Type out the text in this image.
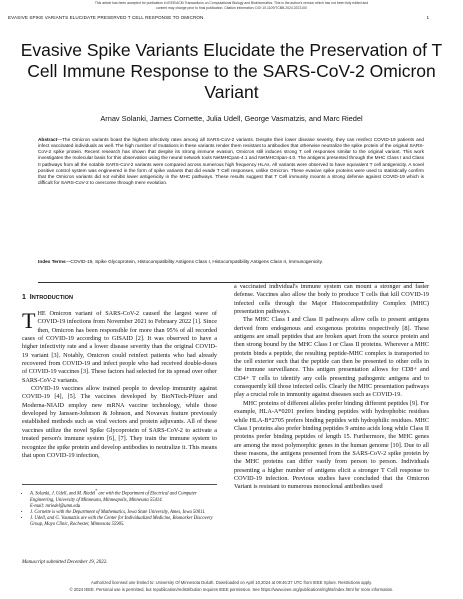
This article has been accepted for publication in IEEE/ACM Transactions on Computational Biology and Bioinformatics. This is the author's version which has not been fully edited and
content may change prior to final publication. Citation information: DOI 10.1109/TCBB.2024.3372100
EVASIVE SPIKE VARIANTS ELUCIDATE PRESERVED T CELL RESPONSE TO OMICRON	1
Evasive Spike Variants Elucidate the Preservation of T Cell Immune Response to the SARS-CoV-2 Omicron Variant
Arnav Solanki, James Cornette, Julia Udell, George Vasmatzis, and Marc Riedel
Abstract—The Omicron variants boast the highest infectivity rates among all SARS-CoV-2 variants. Despite their lower disease severity, they can reinfect COVID-19 patients and infect vaccinated individuals as well. The high number of mutations in these variants render them resistant to antibodies that otherwise neutralize the spike protein of the original SARS-CoV-2 spike protein. Recent research has shown that despite its strong immune evasion, Omicron still induces strong T cell responses similar to the original variant. This work investigates the molecular basis for this observation using the neural network tools NetMHCpan-4.1 and NetMHCIIpan-4.0. The antigens presented through the MHC Class I and Class II pathways from all the notable SARS-CoV-2 variants were compared across numerous high frequency HLAs. All variants were observed to have equivalent T cell antigenicity. A novel positive control system was engineered in the form of spike variants that did evade T Cell responses, unlike Omicron. These evasive spike proteins were used to statistically confirm that the Omicron variants did not exhibit lower antigenicity in the MHC pathways. These results suggest that T Cell immunity mounts a strong defense against COVID-19 which is difficult for SARS-CoV-2 to overcome through mere evolution.
Index Terms—COVID-19, Spike Glycoprotein, Histocompatibility Antigens Class I, Histocompatibility Antigens Class II, Immunogenicity.
1 INTRODUCTION

THE Omicron variant of SARS-CoV-2 caused the largest wave of COVID-19 infections from November 2021 to February 2022 [1]. Since then, Omicron has been responsible for more than 95% of all recorded cases of COVID-19 according to GISAID [2]. It was observed to have a higher infectivity rate and a lower disease severity than the original COVID-19 variant [3]. Notably, Omicron could reinfect patients who had already recovered from COVID-19 and infect people who had received double-doses of COVID-19 vaccines [3]. These factors had selected for its spread over other SARS-CoV-2 variants.

COVID-19 vaccines allow trained people to develop immunity against COVID-19 [4], [5]. The vaccines developed by BioNTech-Pfizer and Moderna-NIAID employ new mRNA vaccine technology, while those developed by Janssen-Johnson & Johnson, and Novavax feature previously established methods such as viral vectors and protein adjuvants. All of these vaccines utilize the novel Spike Glycoprotein of SARS-CoV-2 to activate a treated person's immune system [6], [7]. They train the immune system to recognize the spike protein and develop antibodies to neutralize it. This means that upon COVID-19 infection,

• A. Solanki, J. Udell, and M. Riedel* are with the Department of Electrical and Computer Engineering, University of Minnesota, Minneapolis, Minnesota 55414.
E-mail: mriedel@umn.edu
• J. Cornette is with the Department of Mathematics, Iowa State University, Ames, Iowa 50011.
• J. Udell, and G. Vasmatzis are with the Center for Individualized Medicine, Biomarker Discovery Group, Mayo Clinic, Rochester, Minnesota 55905.
Manuscript submitted December 19, 2022.

a vaccinated individual's immune system can mount a stronger and faster defense. Vaccines also allow the body to produce T cells that kill COVID-19 infected cells through the Major Histocompatibility Complex (MHC) presentation pathways.

The MHC Class I and Class II pathways allow cells to present antigens derived from endogenous and exogenous proteins respectively [8]. These antigens are small peptides that are broken apart from the source protein and then strong bound by the MHC Class I or Class II proteins. Wherever a MHC protein binds a peptide, the resulting peptide-MHC complex is transported to the cell exterior such that the peptide can then be presented to other cells in the immune surveillance. This antigen presentation allows for CD8+ and CD4+ T cells to identify any cells presenting pathogenic antigens and to consequently kill those infected cells. Clearly the MHC presentation pathways play a crucial role in immunity against diseases such as COVID-19.

MHC proteins of different alleles prefer binding different peptides [9]. For example, HLA-A*0201 prefers binding peptides with hydrophobic residues while HLA-B*2705 prefers binding peptides with hydrophilic residues. MHC Class I proteins also prefer binding peptides 9 amino acids long while Class II proteins prefer binding peptides of length 15. Furthermore, the MHC genes are among the most polymorphic genes in the human genome [10]. Due to all these reasons, the antigens presented from the SARS-CoV-2 spike protein by the MHC proteins can differ vastly from person to person. Individuals presenting a higher number of antigens elicit a stronger T Cell response to COVID-19 infection. Previous studies have concluded that the Omicron Variant is resistant to numerous monoclonal antibodies used

Authorized licensed use limited to: University Of Minnesota Duluth. Downloaded on April 10,2024 at 09:46:37 UTC from IEEE Xplore. Restrictions apply.
© 2024 IEEE. Personal use is permitted, but republication/redistribution requires IEEE permission. See https://www.ieee.org/publications/rights/index.html for more information.
